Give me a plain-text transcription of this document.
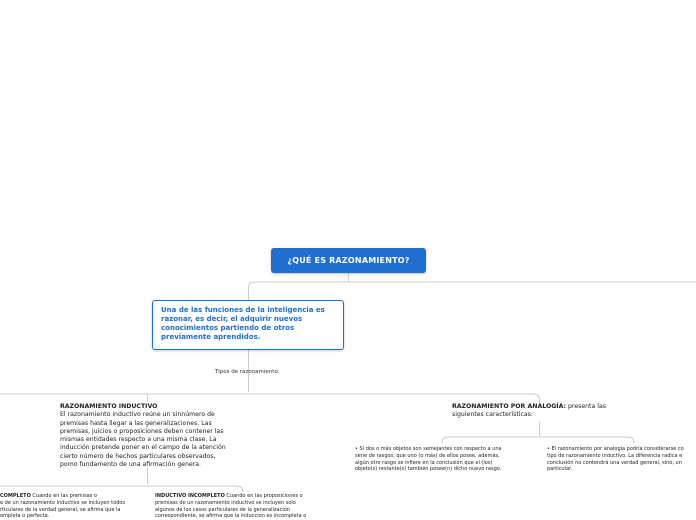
¿QUÉ ES RAZONAMIENTO?
Una de las funciones de la inteligencia es
razonar, es decir, el adquirir nuevos
conocimientos partiendo de otros
previamente aprendidos.
Tipos de razonamiento.
RAZONAMIENTO INDUCTIVO
El razonamiento inductivo reúne un sinnúmero de
premisas hasta llegar a las generalizaciones. Las
premisas, juicios o proposiciones deben contener las
mismas entidades respecto a una misma clase. La
inducción pretende poner en el campo de la atención
cierto número de hechos particulares observados,
pomo fundamento de una afirmación genera.
RAZONAMIENTO POR ANALOGÍA: presenta las
siguientes características:
• Si dos o más objetos son semejantes con respecto a una
serie de rasgos, que uno (o más) de ellos posee, además,
algún otro rasgo se infiere en la conclusión que el (los)
objeto(s) restante(s) también posee(n) dicho nuevo rasgo.
• El razonamiento por analogía podría considerarse co
tipo de razonamiento inductivo. La diferencia radica e
conclusión no contendrá una verdad general, sino, un
particular.
COMPLETO Cuando en las premisas o
e de un razonamiento inductivo se incluyen todos
rticulares de la verdad general, se afirma que la
ompleta o perfecta.
INDUCTIVO INCOMPLETO Cuando en las proposiciones o
premisas de un razonamiento inductivo se incluyen solo
algunos de los casos particulares de la generalización
correspondiente, se afirma que la inducción es incompleta o
